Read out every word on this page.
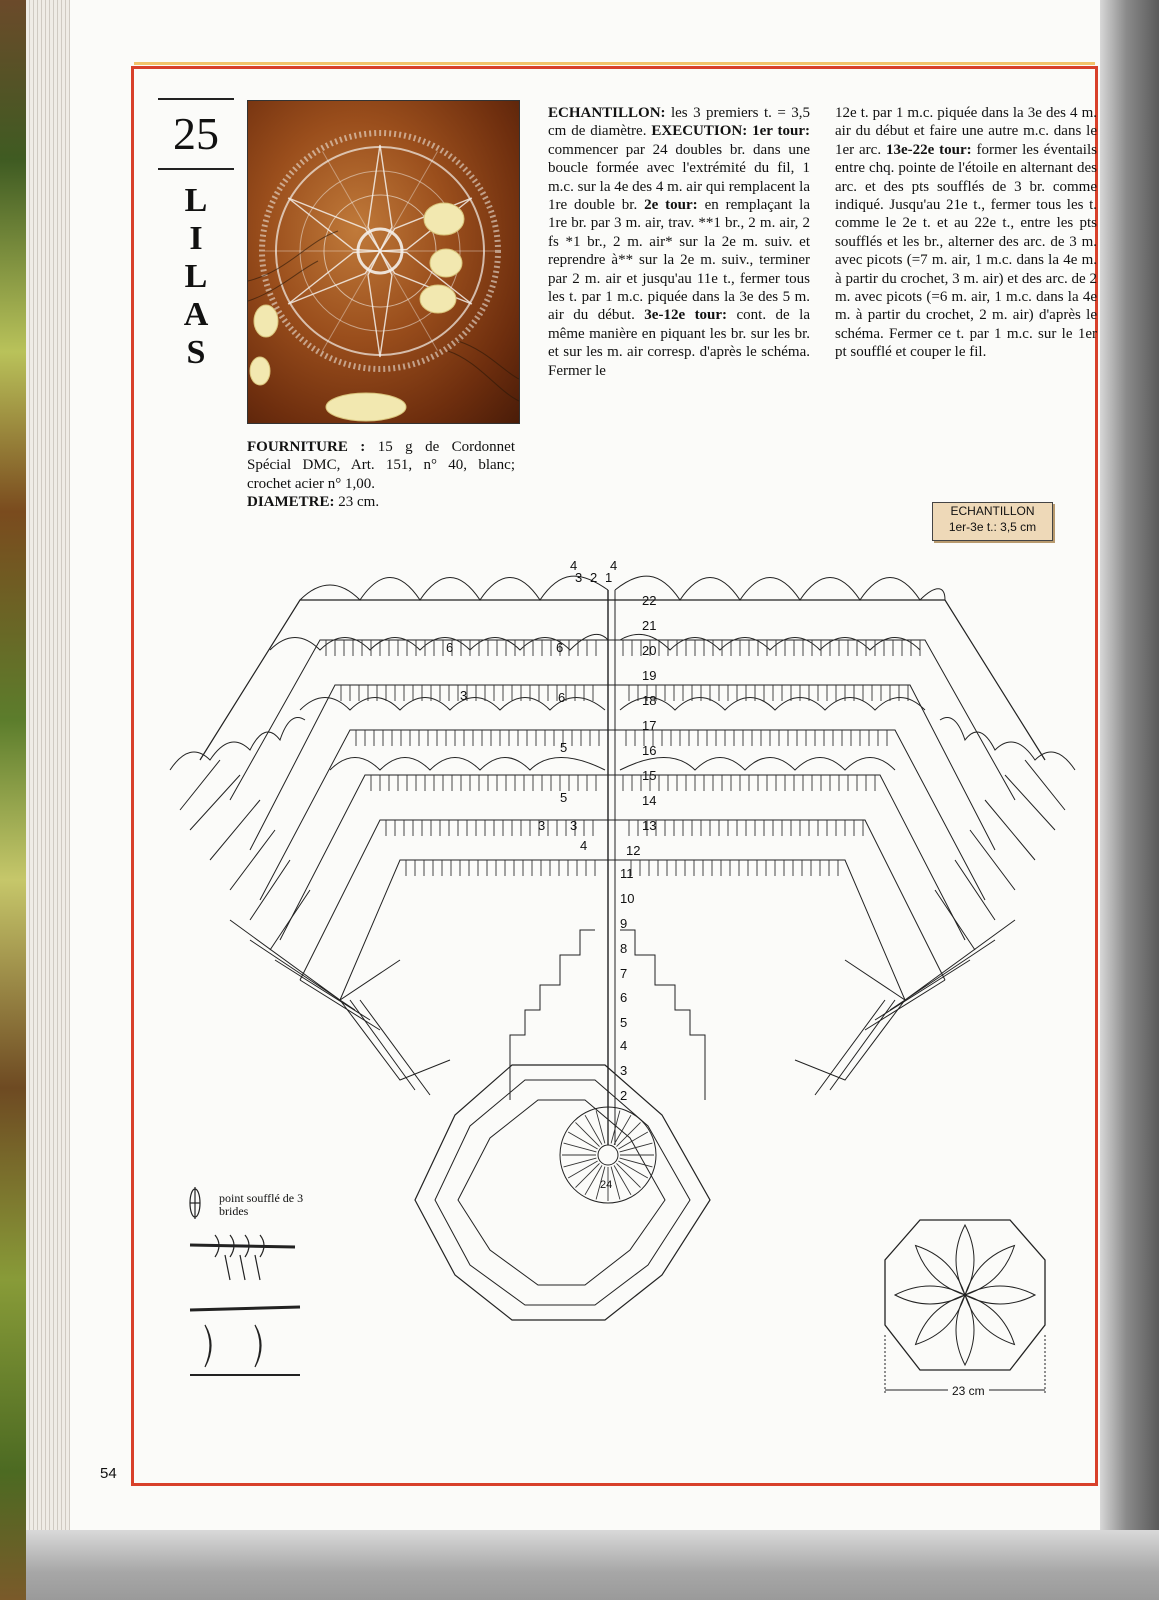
25
L
I
L
A
S
FOURNITURE : 15 g de Cordonnet Spécial DMC, Art. 151, n° 40, blanc; crochet acier n° 1,00.
DIAMETRE: 23 cm.
ECHANTILLON: les 3 premiers t. = 3,5 cm de diamètre. EXECUTION: 1er tour: commencer par 24 doubles br. dans une boucle formée avec l'extrémité du fil, 1 m.c. sur la 4e des 4 m. air qui remplacent la 1re double br. 2e tour: en remplaçant la 1re br. par 3 m. air, trav. **1 br., 2 m. air, 2 fs *1 br., 2 m. air* sur la 2e m. suiv. et reprendre à** sur la 2e m. suiv., terminer par 2 m. air et jusqu'au 11e t., fermer tous les t. par 1 m.c. piquée dans la 3e des 5 m. air du début. 3e-12e tour: cont. de la même manière en piquant les br. sur les br. et sur les m. air corresp. d'après le schéma. Fermer le
12e t. par 1 m.c. piquée dans la 3e des 4 m. air du début et faire une autre m.c. dans le 1er arc. 13e-22e tour: former les éventails entre chq. pointe de l'étoile en alternant des arc. et des pts soufflés de 3 br. comme indiqué. Jusqu'au 21e t., fermer tous les t. comme le 2e t. et au 22e t., entre les pts soufflés et les br., alterner des arc. de 3 m. avec picots (=7 m. air, 1 m.c. dans la 4e m. à partir du crochet, 3 m. air) et des arc. de 2 m. avec picots (=6 m. air, 1 m.c. dans la 4e m. à partir du crochet, 2 m. air) d'après le schéma. Fermer ce t. par 1 m.c. sur le 1er pt soufflé et couper le fil.
ECHANTILLON
1er-3e t.: 3,5 cm
2
3
4
5
6
7
8
9
10
11
12
13
14
15
16
17
18
19
20
21
22
24
6	6
3	6
5
5
3 3
4
4	4
3 2 1
point soufflé de 3 brides
23 cm
54
